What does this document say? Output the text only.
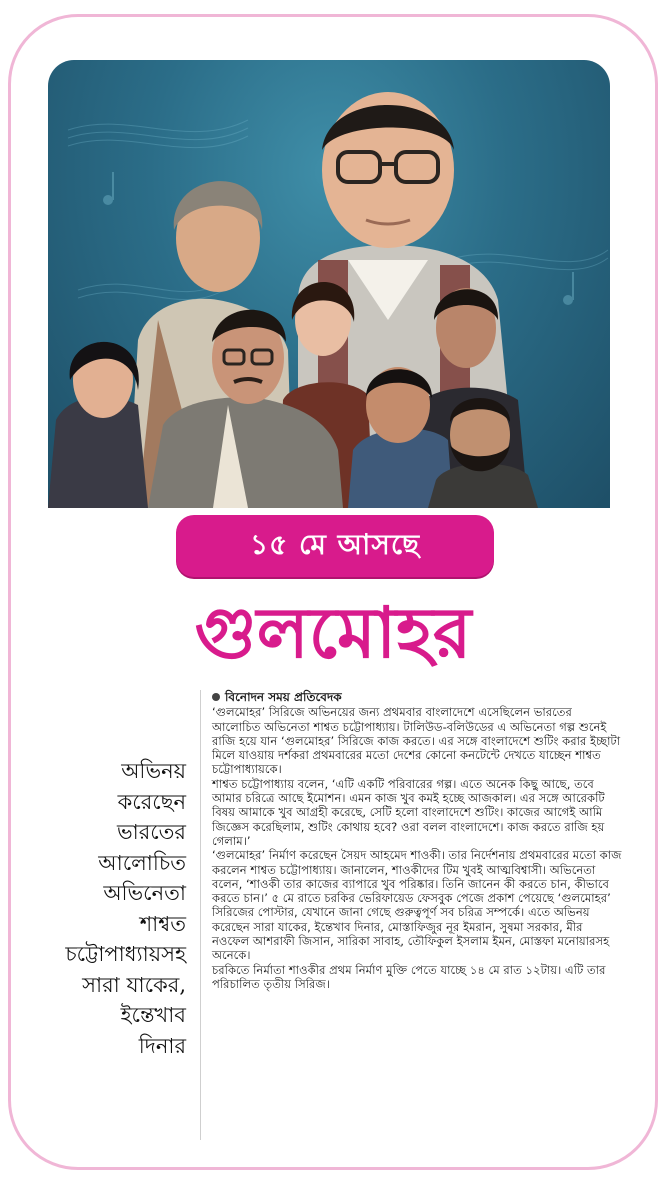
১৫ মে আসছে
গুলমোহর
অভিনয়
করেছেন
ভারতের
আলোচিত
অভিনেতা
শাশ্বত
চট্টোপাধ্যায়সহ
সারা যাকের,
ইন্তেখাব
দিনার
বিনোদন সময় প্রতিবেদক

‘গুলমোহর’ সিরিজে অভিনয়ের জন্য প্রথমবার বাংলাদেশে এসেছিলেন ভারতের আলোচিত অভিনেতা শাশ্বত চট্টোপাধ্যায়। টালিউড-বলিউডের এ অভিনেতা গল্প শুনেই রাজি হয়ে যান ‘গুলমোহর’ সিরিজে কাজ করতে। এর সঙ্গে বাংলাদেশে শুটিং করার ইচ্ছাটা মিলে যাওয়ায় দর্শকরা প্রথমবারের মতো দেশের কোনো কনটেন্টে দেখতে যাচ্ছেন শাশ্বত চট্টোপাধ্যায়কে।

শাশ্বত চট্টোপাধ্যায় বলেন, ‘এটি একটি পরিবারের গল্প। এতে অনেক কিছু আছে, তবে আমার চরিত্রে আছে ইমোশন। এমন কাজ খুব কমই হচ্ছে আজকাল। এর সঙ্গে আরেকটি বিষয় আমাকে খুব আগ্রহী করেছে, সেটি হলো বাংলাদেশে শুটিং। কাজের আগেই আমি জিজ্ঞেস করেছিলাম, শুটিং কোথায় হবে? ওরা বলল বাংলাদেশে। কাজ করতে রাজি হয় গেলাম।’

‘গুলমোহর’ নির্মাণ করেছেন সৈয়দ আহমেদ শাওকী। তার নির্দেশনায় প্রথমবারের মতো কাজ করলেন শাশ্বত চট্টোপাধ্যায়। জানালেন, শাওকীদের টিম খুবই আত্মবিশ্বাসী। অভিনেতা বলেন, ‘শাওকী তার কাজের ব্যাপারে খুব পরিষ্কার। তিনি জানেন কী করতে চান, কীভাবে করতে চান।’ ৫ মে রাতে চরকির ভেরিফায়েড ফেসবুক পেজে প্রকাশ পেয়েছে ‘গুলমোহর’ সিরিজের পোস্টার, যেখানে জানা গেছে গুরুত্বপূর্ণ সব চরিত্র সম্পর্কে। এতে অভিনয় করেছেন সারা যাকের, ইন্তেখাব দিনার, মোস্তাফিজুর নূর ইমরান, সুষমা সরকার, মীর নওফেল আশরাফী জিসান, সারিকা সাবাহ, তৌফিকুল ইসলাম ইমন, মোস্তফা মনোয়ারসহ অনেকে।

চরকিতে নির্মাতা শাওকীর প্রথম নির্মাণ মুক্তি পেতে যাচ্ছে ১৪ মে রাত ১২টায়। এটি তার পরিচালিত তৃতীয় সিরিজ।
